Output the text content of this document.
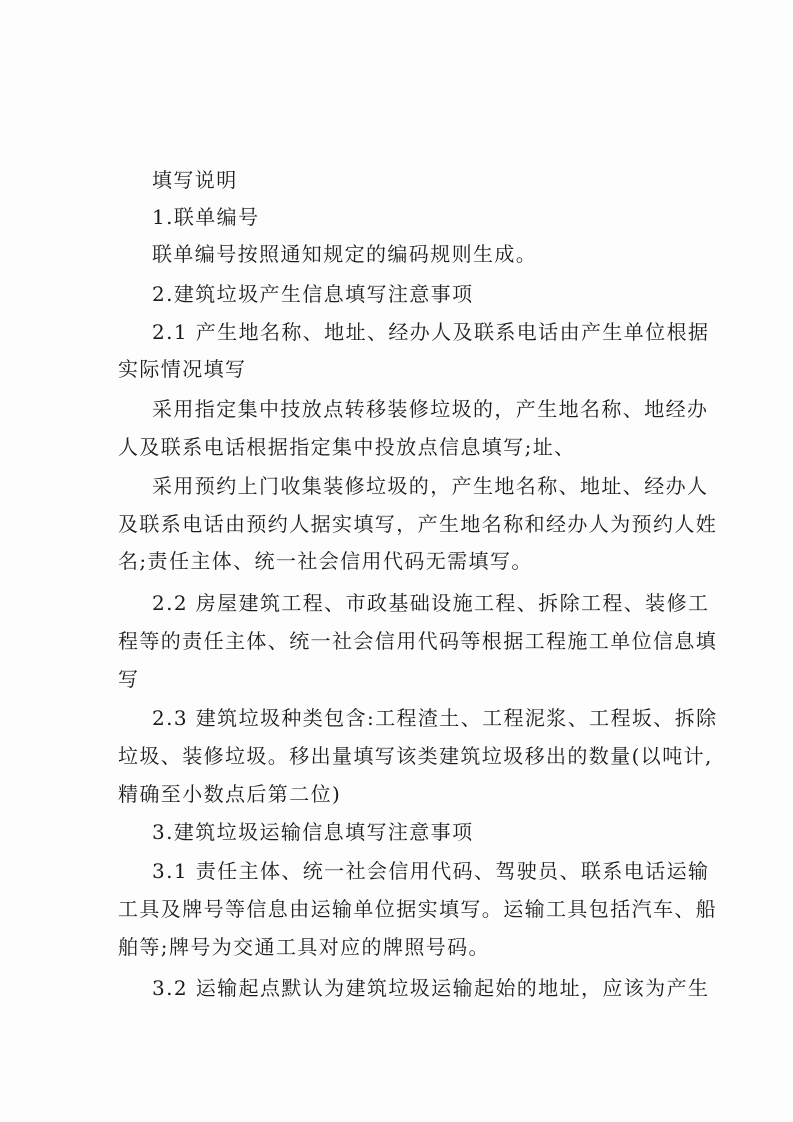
填写说明
1.联单编号
联单编号按照通知规定的编码规则生成。
2.建筑垃圾产生信息填写注意事项
2.1 产生地名称、地址、经办人及联系电话由产生单位根据
实际情况填写
采用指定集中技放点转移装修垃圾的，产生地名称、地经办
人及联系电话根据指定集中投放点信息填写;址、
采用预约上门收集装修垃圾的，产生地名称、地址、经办人
及联系电话由预约人据实填写，产生地名称和经办人为预约人姓
名;责任主体、统一社会信用代码无需填写。
2.2 房屋建筑工程、市政基础设施工程、拆除工程、装修工
程等的责任主体、统一社会信用代码等根据工程施工单位信息填
写
2.3 建筑垃圾种类包含:工程渣土、工程泥浆、工程坂、拆除
垃圾、装修垃圾。移出量填写该类建筑垃圾移出的数量(以吨计,
精确至小数点后第二位)
3.建筑垃圾运输信息填写注意事项
3.1 责任主体、统一社会信用代码、驾驶员、联系电话运输
工具及牌号等信息由运输单位据实填写。运输工具包括汽车、船
舶等;牌号为交通工具对应的牌照号码。
3.2 运输起点默认为建筑垃圾运输起始的地址，应该为产生
